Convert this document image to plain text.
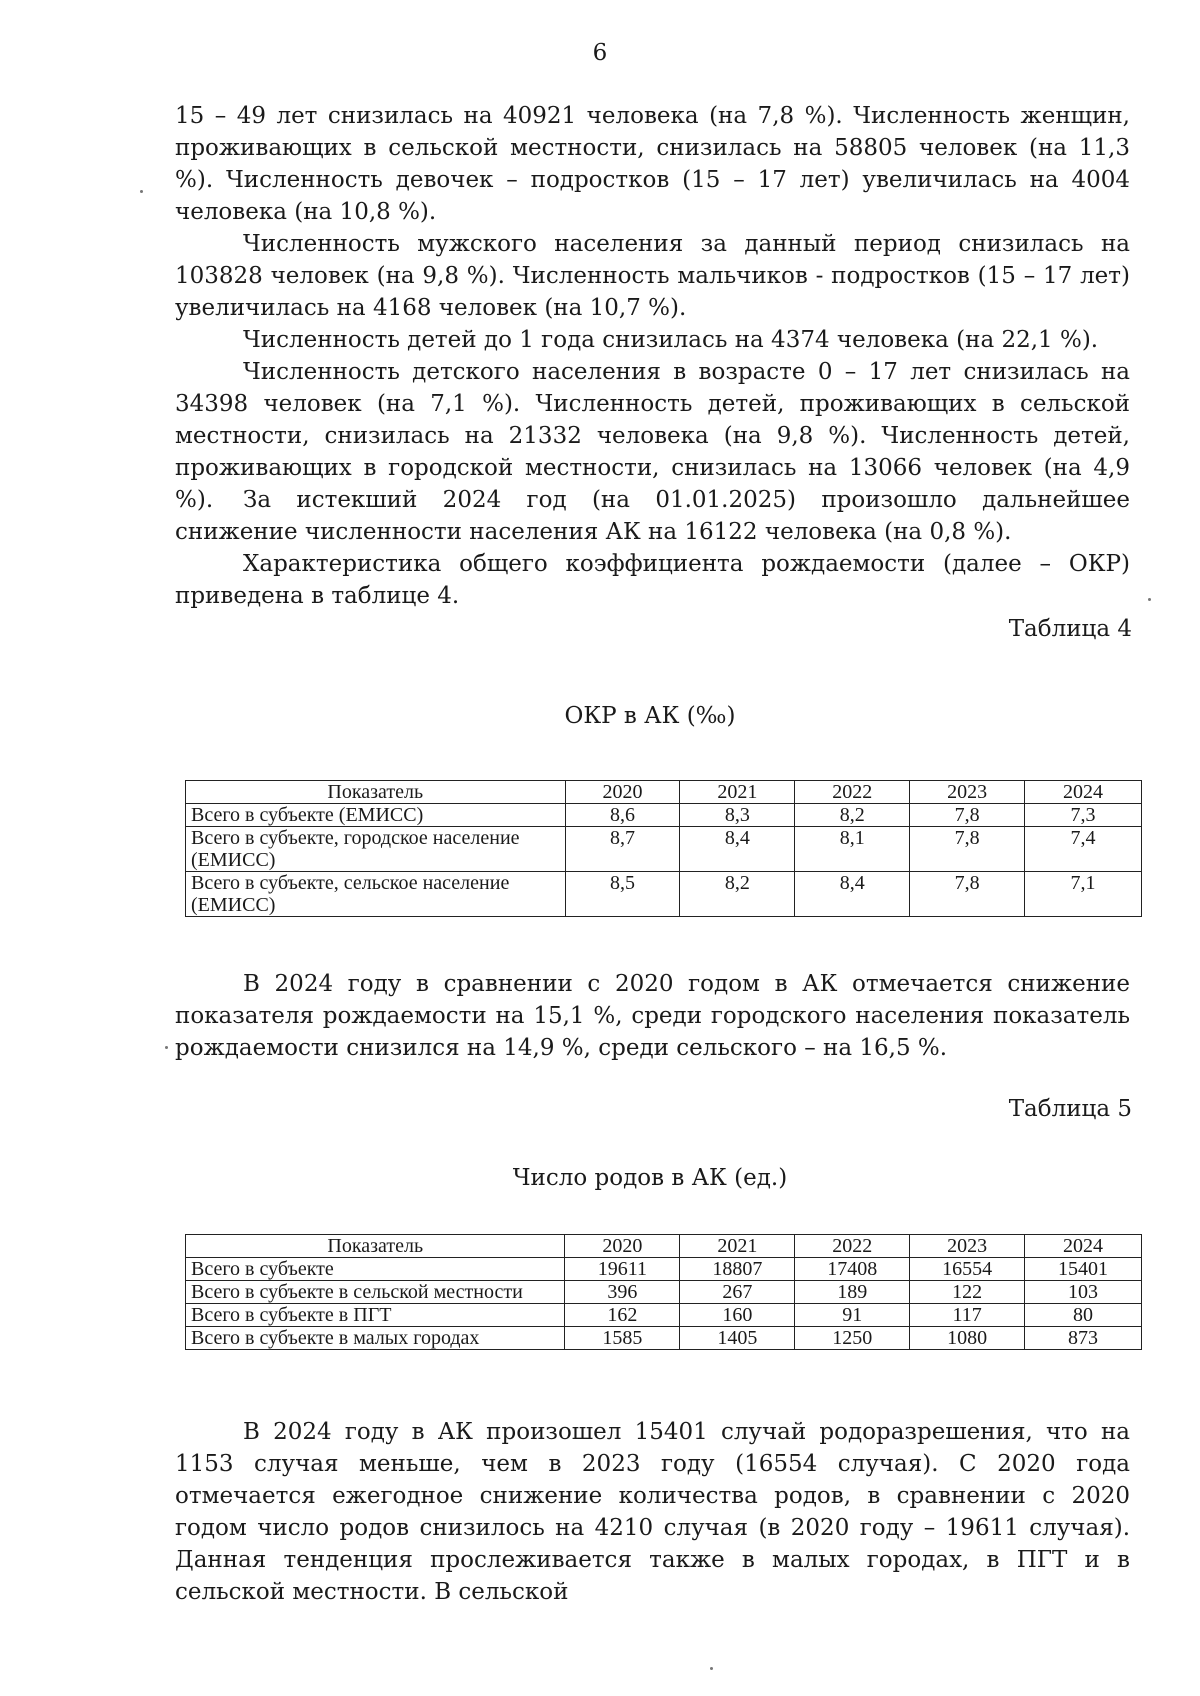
6

15 – 49 лет снизилась на 40921 человека (на 7,8 %). Численность женщин, проживающих в сельской местности, снизилась на 58805 человек (на 11,3 %). Численность девочек – подростков (15 – 17 лет) увеличилась на 4004 человека (на 10,8 %).

Численность мужского населения за данный период снизилась на 103828 человек (на 9,8 %). Численность мальчиков - подростков (15 – 17 лет) увеличилась на 4168 человек (на 10,7 %).

Численность детей до 1 года снизилась на 4374 человека (на 22,1 %).

Численность детского населения в возрасте 0 – 17 лет снизилась на 34398 человек (на 7,1 %). Численность детей, проживающих в сельской местности, снизилась на 21332 человека (на 9,8 %). Численность детей, проживающих в городской местности, снизилась на 13066 человек (на 4,9 %).	За истекший 2024 год (на 01.01.2025) произошло дальнейшее снижение численности населения АК на 16122 человека (на 0,8 %).

Характеристика общего коэффициента рождаемости (далее – ОКР) приведена в таблице 4.

Таблица 4
ОКР в АК (‰)
Показатель	2020	2021	2022	2023	2024
Всего в субъекте (ЕМИСС)	8,6	8,3	8,2	7,8	7,3
Всего в субъекте, городское население (ЕМИСС)	8,7	8,4	8,1	7,8	7,4
Всего в субъекте, сельское население (ЕМИСС)	8,5	8,2	8,4	7,8	7,1

В 2024 году в сравнении с 2020 годом в АК отмечается снижение показателя рождаемости на 15,1 %, среди городского населения показатель рождаемости снизился на 14,9 %, среди сельского – на 16,5 %.

Таблица 5
Число родов в АК (ед.)
Показатель	2020	2021	2022	2023	2024
Всего в субъекте	19611	18807	17408	16554	15401
Всего в субъекте в сельской местности	396	267	189	122	103
Всего в субъекте в ПГТ	162	160	91	117	80
Всего в субъекте в малых городах	1585	1405	1250	1080	873

В 2024 году в АК произошел 15401 случай родоразрешения, что на 1153 случая меньше, чем в 2023 году (16554 случая). С 2020 года отмечается ежегодное снижение количества родов, в сравнении с 2020 годом число родов снизилось на 4210 случая (в 2020 году – 19611 случая). Данная тенденция прослеживается также в малых городах, в ПГТ и в сельской местности. В сельской
